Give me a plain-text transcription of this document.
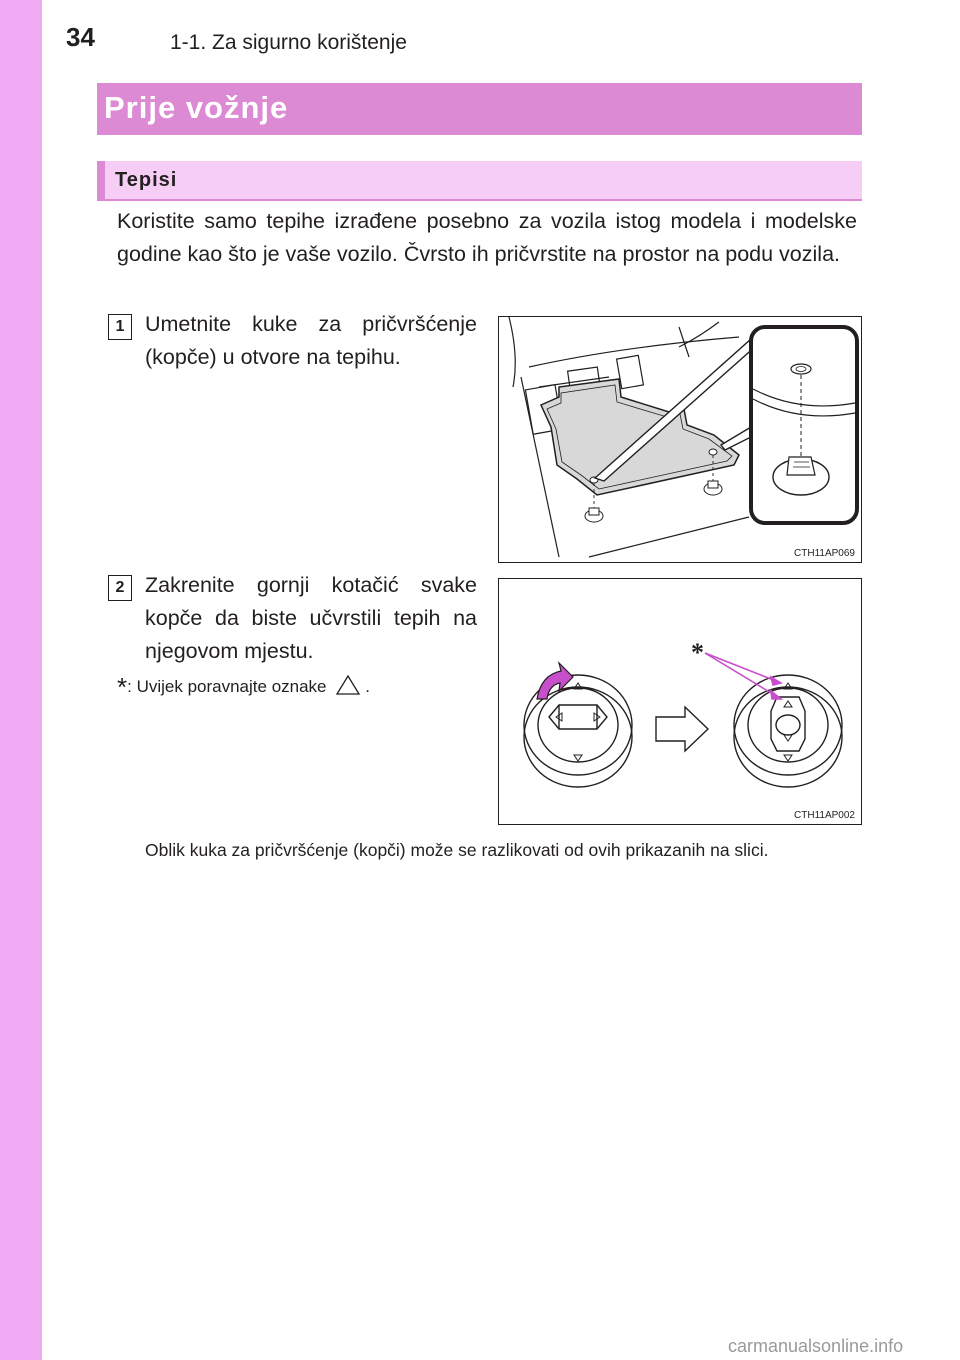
34	1-1. Za sigurno korištenje
Prije vožnje
Tepisi
Koristite samo tepihe izrađene posebno za vozila istog modela i modelske godine kao što je vaše vozilo. Čvrsto ih pričvrstite na prostor na podu vozila.
1 Umetnite kuke za pričvršćenje (kopče) u otvore na tepihu.
2 Zakrenite gornji kotačić svake kopče da biste učvrstili tepih na njegovom mjestu.
*: Uvijek poravnajte oznake .
CTH11AP069
*
CTH11AP002
Oblik kuka za pričvršćenje (kopči) može se razlikovati od ovih prikazanih na slici.
carmanualsonline.info
